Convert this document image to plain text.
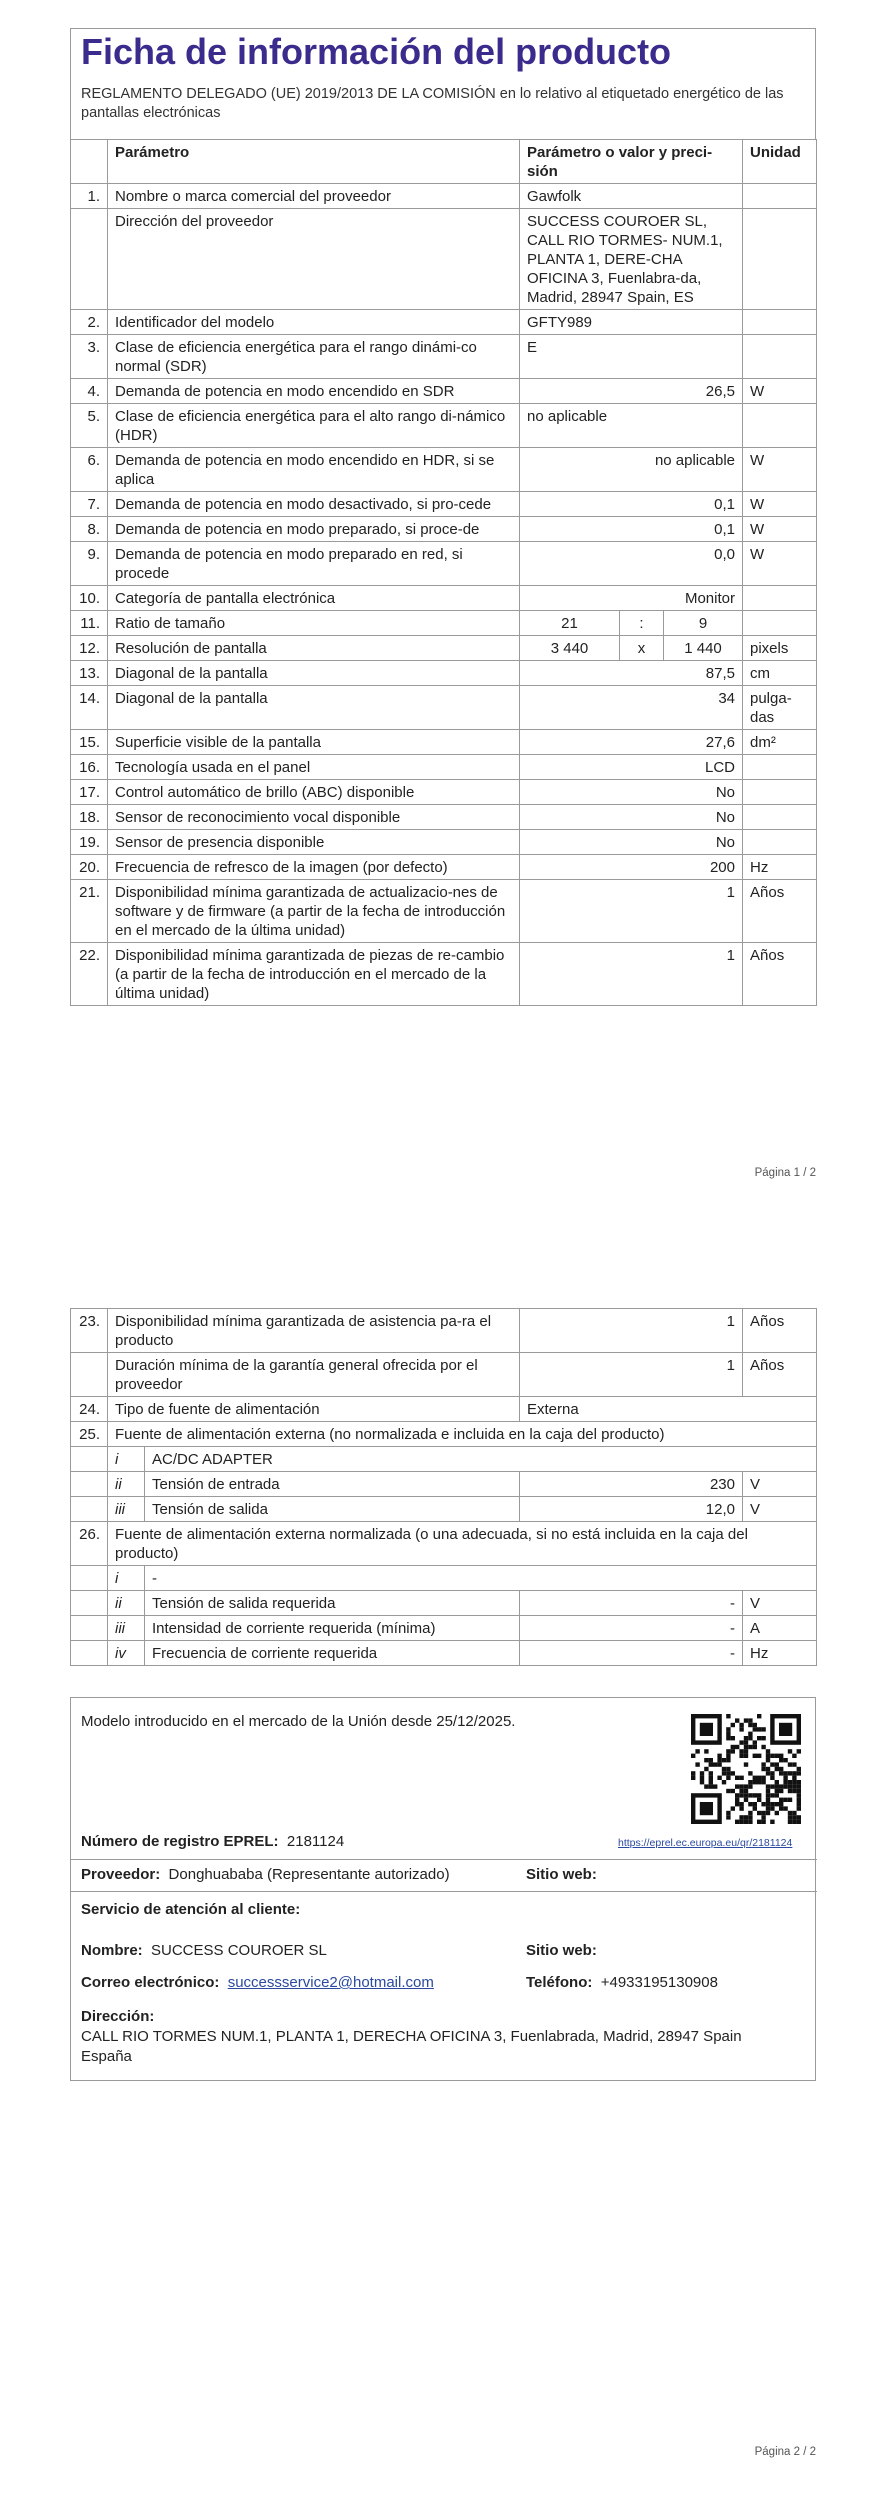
Ficha de información del producto
REGLAMENTO DELEGADO (UE) 2019/2013 DE LA COMISIÓN en lo relativo al etiquetado energético de las pantallas electrónicas
	Parámetro	Parámetro o valor y preci-sión	Unidad
1.	Nombre o marca comercial del proveedor	Gawfolk	
	Dirección del proveedor	SUCCESS COUROER SL, CALL RIO TORMES- NUM.1, PLANTA 1, DERE-CHA OFICINA 3, Fuenlabra-da, Madrid, 28947 Spain, ES	
2.	Identificador del modelo	GFTY989	
3.	Clase de eficiencia energética para el rango dinámi-co normal (SDR)	E	
4.	Demanda de potencia en modo encendido en SDR	26,5	W
5.	Clase de eficiencia energética para el alto rango di-námico (HDR)	no aplicable	
6.	Demanda de potencia en modo encendido en HDR, si se aplica	no aplicable	W
7.	Demanda de potencia en modo desactivado, si pro-cede	0,1	W
8.	Demanda de potencia en modo preparado, si proce-de	0,1	W
9.	Demanda de potencia en modo preparado en red, si procede	0,0	W
10.	Categoría de pantalla electrónica	Monitor	
11.	Ratio de tamaño	21 : 9	

12.	Resolución de pantalla	3 440 x 1 440	pixels
13.	Diagonal de la pantalla	87,5	cm
14.	Diagonal de la pantalla	34	pulga-das
15.	Superficie visible de la pantalla	27,6	dm²
16.	Tecnología usada en el panel	LCD	
17.	Control automático de brillo (ABC) disponible	No	
18.	Sensor de reconocimiento vocal disponible	No	
19.	Sensor de presencia disponible	No	
20.	Frecuencia de refresco de la imagen (por defecto)	200	Hz
21.	Disponibilidad mínima garantizada de actualizacio-nes de software y de firmware (a partir de la fecha de introducción en el mercado de la última unidad)	1	Años
22.	Disponibilidad mínima garantizada de piezas de re-cambio (a partir de la fecha de introducción en el mercado de la última unidad)	1	Años
Página 1 / 2
23.	Disponibilidad mínima garantizada de asistencia pa-ra el producto		1	Años
	Duración mínima de la garantía general ofrecida por el proveedor		1	Años
24.	Tipo de fuente de alimentación		Externa	
25.	Fuente de alimentación externa (no normalizada e incluida en la caja del producto)			
	i	AC/DC ADAPTER		
	ii	Tensión de entrada	230	V
	iii	Tensión de salida	12,0	V
26.	Fuente de alimentación externa normalizada (o una adecuada, si no está incluida en la caja del producto)			
	i	-		
	ii	Tensión de salida requerida	-	V
	iii	Intensidad de corriente requerida (mínima)	-	A
	iv	Frecuencia de corriente requerida	-	Hz
Modelo introducido en el mercado de la Unión desde 25/12/2025.
Número de registro EPREL: 2181124	https://eprel.ec.europa.eu/qr/2181124
Proveedor: Donghuababa (Representante autorizado)	Sitio web:
Servicio de atención al cliente:
Nombre: SUCCESS COUROER SL	Sitio web:
Correo electrónico: successservice2@hotmail.com	Teléfono: +4933195130908
Dirección:
CALL RIO TORMES NUM.1, PLANTA 1, DERECHA OFICINA 3, Fuenlabrada, Madrid, 28947 Spain España
Página 2 / 2
